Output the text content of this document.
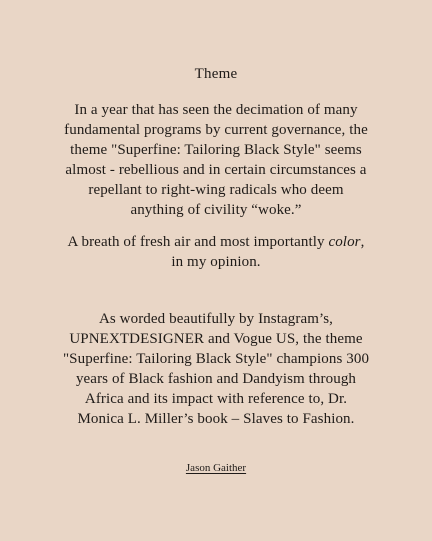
Theme
In a year that has seen the decimation of many
fundamental programs by current governance, the
theme "Superfine: Tailoring Black Style" seems
almost - rebellious and in certain circumstances a
repellant to right-wing radicals who deem
anything of civility “woke.”
A breath of fresh air and most importantly color,
in my opinion.
As worded beautifully by Instagram’s,
UPNEXTDESIGNER and Vogue US, the theme
"Superfine: Tailoring Black Style" champions 300
years of Black fashion and Dandyism through
Africa and its impact with reference to, Dr.
Monica L. Miller’s book – Slaves to Fashion.
Jason Gaither
